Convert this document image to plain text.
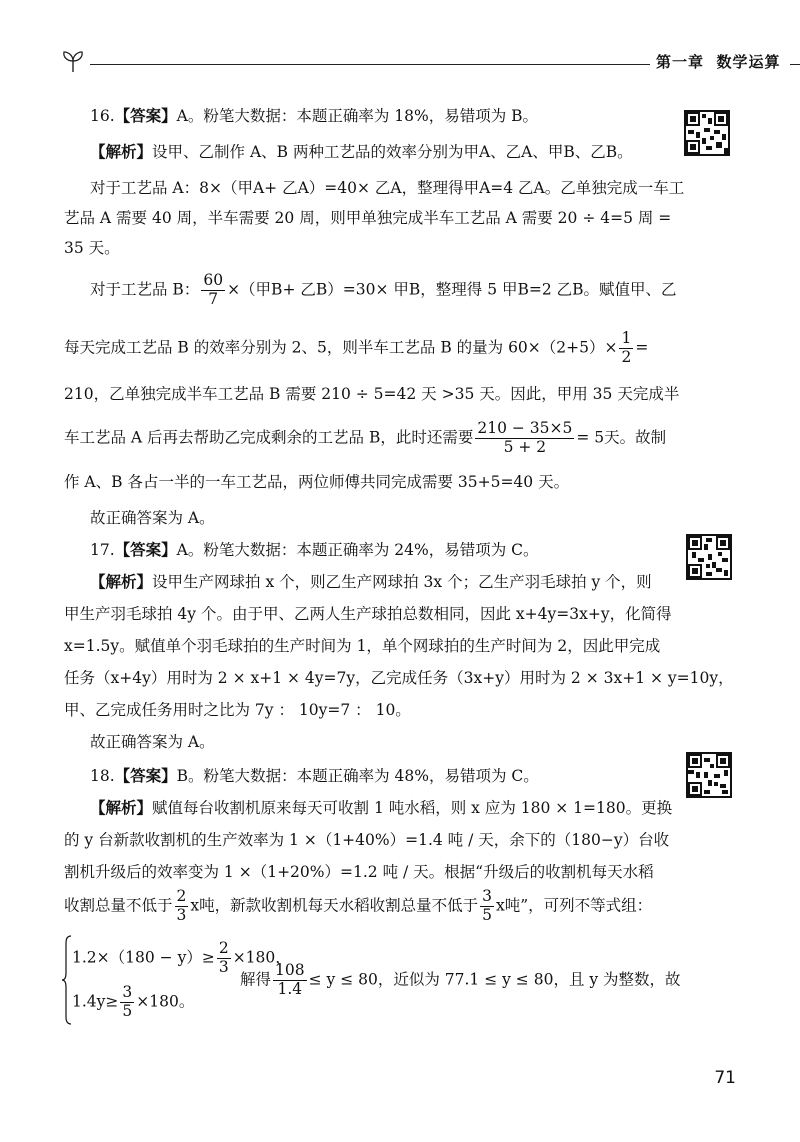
第一章 数学运算
16.【答案】A。粉笔大数据：本题正确率为 18%，易错项为 B。
【解析】设甲、乙制作 A、B 两种工艺品的效率分别为甲A、乙A、甲B、乙B。
对于工艺品 A：8×（甲A+ 乙A）=40× 乙A，整理得甲A=4 乙A。乙单独完成一车工
艺品 A 需要 40 周，半车需要 20 周，则甲单独完成半车工艺品 A 需要 20 ÷ 4=5 周 =
35 天。
对于工艺品 B： $\frac{60}{7}$ ×（甲B+ 乙B）=30× 甲B，整理得 5 甲B=2 乙B。赋值甲、乙
每天完成工艺品 B 的效率分别为 2、5，则半车工艺品 B 的量为 $60\times(2+5)\times \frac{1}{2}$ =
210，乙单独完成半车工艺品 B 需要 210 ÷ 5=42 天 >35 天。因此，甲用 35 天完成半
车工艺品 A 后再去帮助乙完成剩余的工艺品 B，此时还需要 $\frac{210 - 35\times 5}{5 + 2} = 5$天。故制
作 A、B 各占一半的一车工艺品，两位师傅共同完成需要 35+5=40 天。
故正确答案为 A。
17.【答案】A。粉笔大数据：本题正确率为 24%，易错项为 C。
【解析】设甲生产网球拍 x 个，则乙生产网球拍 3x 个；乙生产羽毛球拍 y 个，则
甲生产羽毛球拍 4y 个。由于甲、乙两人生产球拍总数相同，因此 x+4y=3x+y，化简得
x=1.5y。赋值单个羽毛球拍的生产时间为 1，单个网球拍的生产时间为 2，因此甲完成
任务（x+4y）用时为 2 × x+1 × 4y=7y，乙完成任务（3x+y）用时为 2 × 3x+1 × y=10y，
甲、乙完成任务用时之比为 7y ： 10y=7 ： 10。
故正确答案为 A。
18.【答案】B。粉笔大数据：本题正确率为 48%，易错项为 C。
【解析】赋值每台收割机原来每天可收割 1 吨水稻，则 x 应为 180 × 1=180。更换
的 y 台新款收割机的生产效率为 1 ×（1+40%）=1.4 吨 / 天，余下的（180−y）台收
割机升级后的效率变为 1 ×（1+20%）=1.2 吨 / 天。根据“升级后的收割机每天水稻
收割总量不低于 $\frac{2}{3}$ x吨，新款收割机每天水稻收割总量不低于 $\frac{3}{5}$ x吨”，可列不等式组：
$1.2\times(180 - y)\ge \frac{2}{3} \times 180$，
$1.4y\ge \frac{3}{5} \times 180$。
解得 $\frac{108}{1.4} \le y \le 80$，近似为 77.1 ≤ y ≤ 80，且 y 为整数，故
71
